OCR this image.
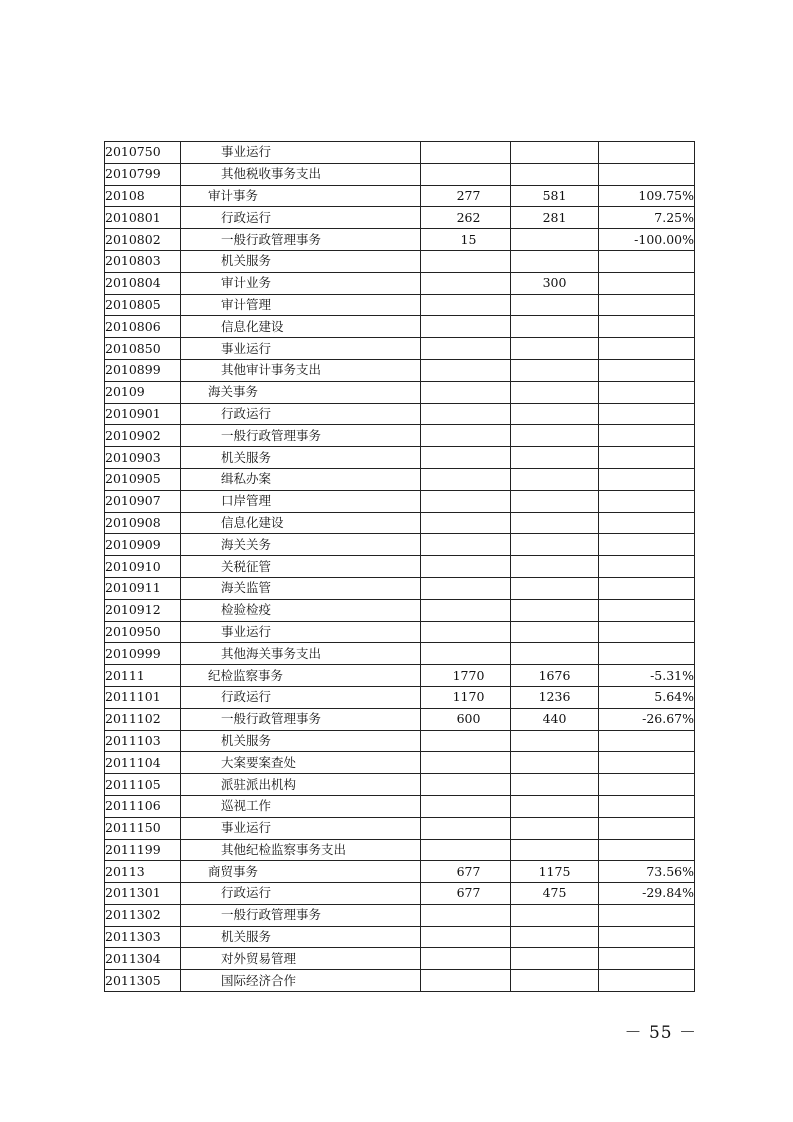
2010750	事业运行			
2010799	其他税收事务支出			
20108	审计事务	277	581	109.75%
2010801	行政运行	262	281	7.25%
2010802	一般行政管理事务	15		-100.00%
2010803	机关服务			
2010804	审计业务		300	
2010805	审计管理			
2010806	信息化建设			
2010850	事业运行			
2010899	其他审计事务支出			
20109	海关事务			
2010901	行政运行			
2010902	一般行政管理事务			
2010903	机关服务			
2010905	缉私办案			
2010907	口岸管理			
2010908	信息化建设			
2010909	海关关务			
2010910	关税征管			
2010911	海关监管			
2010912	检验检疫			
2010950	事业运行			
2010999	其他海关事务支出			
20111	纪检监察事务	1770	1676	-5.31%
2011101	行政运行	1170	1236	5.64%
2011102	一般行政管理事务	600	440	-26.67%
2011103	机关服务			
2011104	大案要案查处			
2011105	派驻派出机构			
2011106	巡视工作			
2011150	事业运行			
2011199	其他纪检监察事务支出			
20113	商贸事务	677	1175	73.56%
2011301	行政运行	677	475	-29.84%
2011302	一般行政管理事务			
2011303	机关服务			
2011304	对外贸易管理			
2011305	国际经济合作			
－ 55 －
